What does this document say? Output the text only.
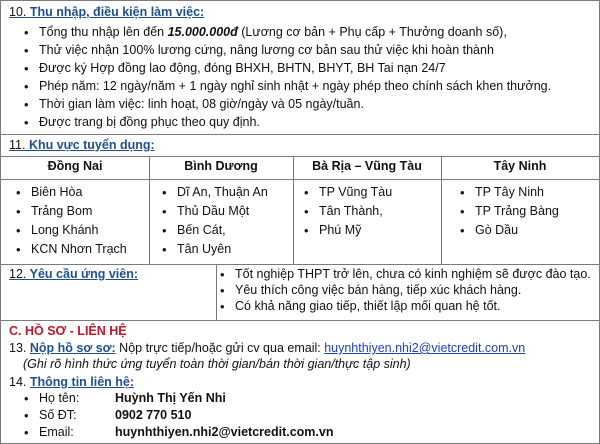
10. Thu nhập, điều kiện làm việc:
• Tổng thu nhập lên đến 15.000.000đ (Lương cơ bản + Phụ cấp + Thưởng doanh số),
• Thử việc nhận 100% lương cứng, nâng lương cơ bản sau thử việc khi hoàn thành
• Được ký Hợp đồng lao động, đóng BHXH, BHTN, BHYT, BH Tai nạn 24/7
• Phép năm: 12 ngày/năm + 1 ngày nghỉ sinh nhật + ngày phép theo chính sách khen thưởng.
• Thời gian làm việc: linh hoạt, 08 giờ/ngày và 05 ngày/tuần.
• Được trang bị đồng phục theo quy định.
11. Khu vực tuyển dụng:
Đồng Nai	Bình Dương	Bà Rịa – Vũng Tàu	Tây Ninh
• Biên Hòa
• Trảng Bom
• Long Khánh
• KCN Nhơn Trạch
• Dĩ An, Thuận An
• Thủ Dầu Một
• Bến Cát,
• Tân Uyên
• TP Vũng Tàu
• Tân Thành,
• Phú Mỹ
• TP Tây Ninh
• TP Trảng Bàng
• Gò Dầu
12. Yêu cầu ứng viên:
•	Tốt nghiệp THPT trở lên, chưa có kinh nghiệm sẽ được đào tạo.
• Yêu thích công việc bán hàng, tiếp xúc khách hàng.
• Có khả năng giao tiếp, thiết lập mối quan hệ tốt.
C. HỒ SƠ - LIÊN HỆ
13. Nộp hồ sơ sơ: Nộp trực tiếp/hoặc gửi cv qua email: huynhthiyen.nhi2@vietcredit.com.vn
(Ghi rõ hình thức ứng tuyển toàn thời gian/bán thời gian/thực tập sinh)
14. Thông tin liên hệ:
• Họ tên:	Huỳnh Thị Yến Nhi
• Số ĐT:	0902 770 510
• Email:	huynhthiyen.nhi2@vietcredit.com.vn
